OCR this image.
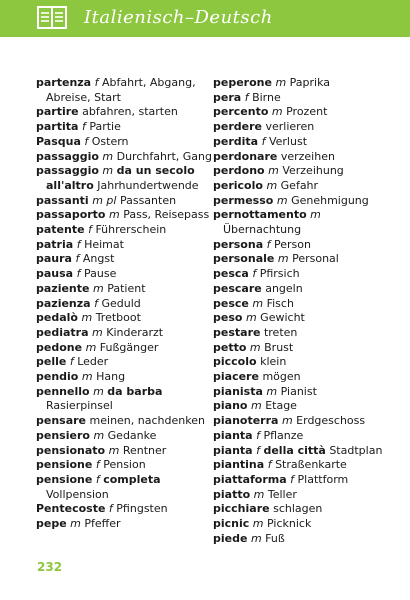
Italienisch–Deutsch
partenza f Abfahrt, Abgang, Abreise, Start
partire abfahren, starten
partita f Partie
Pasqua f Ostern
passaggio m Durchfahrt, Gang
passaggio m da un secolo all'altro Jahrhundertwende
passanti m pl Passanten
passaporto m Pass, Reisepass
patente f Führerschein
patria f Heimat
paura f Angst
pausa f Pause
paziente m Patient
pazienza f Geduld
pedalò m Tretboot
pediatra m Kinderarzt
pedone m Fußgänger
pelle f Leder
pendio m Hang
pennello m da barba Rasierpinsel
pensare meinen, nachdenken
pensiero m Gedanke
pensionato m Rentner
pensione f Pension
pensione f completa Vollpension
Pentecoste f Pfingsten
pepe m Pfeffer
peperone m Paprika
pera f Birne
percento m Prozent
perdere verlieren
perdita f Verlust
perdonare verzeihen
perdono m Verzeihung
pericolo m Gefahr
permesso m Genehmigung
pernottamento m Übernachtung
persona f Person
personale m Personal
pesca f Pfirsich
pescare angeln
pesce m Fisch
peso m Gewicht
pestare treten
petto m Brust
piccolo klein
piacere mögen
pianista m Pianist
piano m Etage
pianoterra m Erdgeschoss
pianta f Pflanze
pianta f della città Stadtplan
piantina f Straßenkarte
piattaforma f Plattform
piatto m Teller
picchiare schlagen
picnic m Picknick
piede m Fuß
232
